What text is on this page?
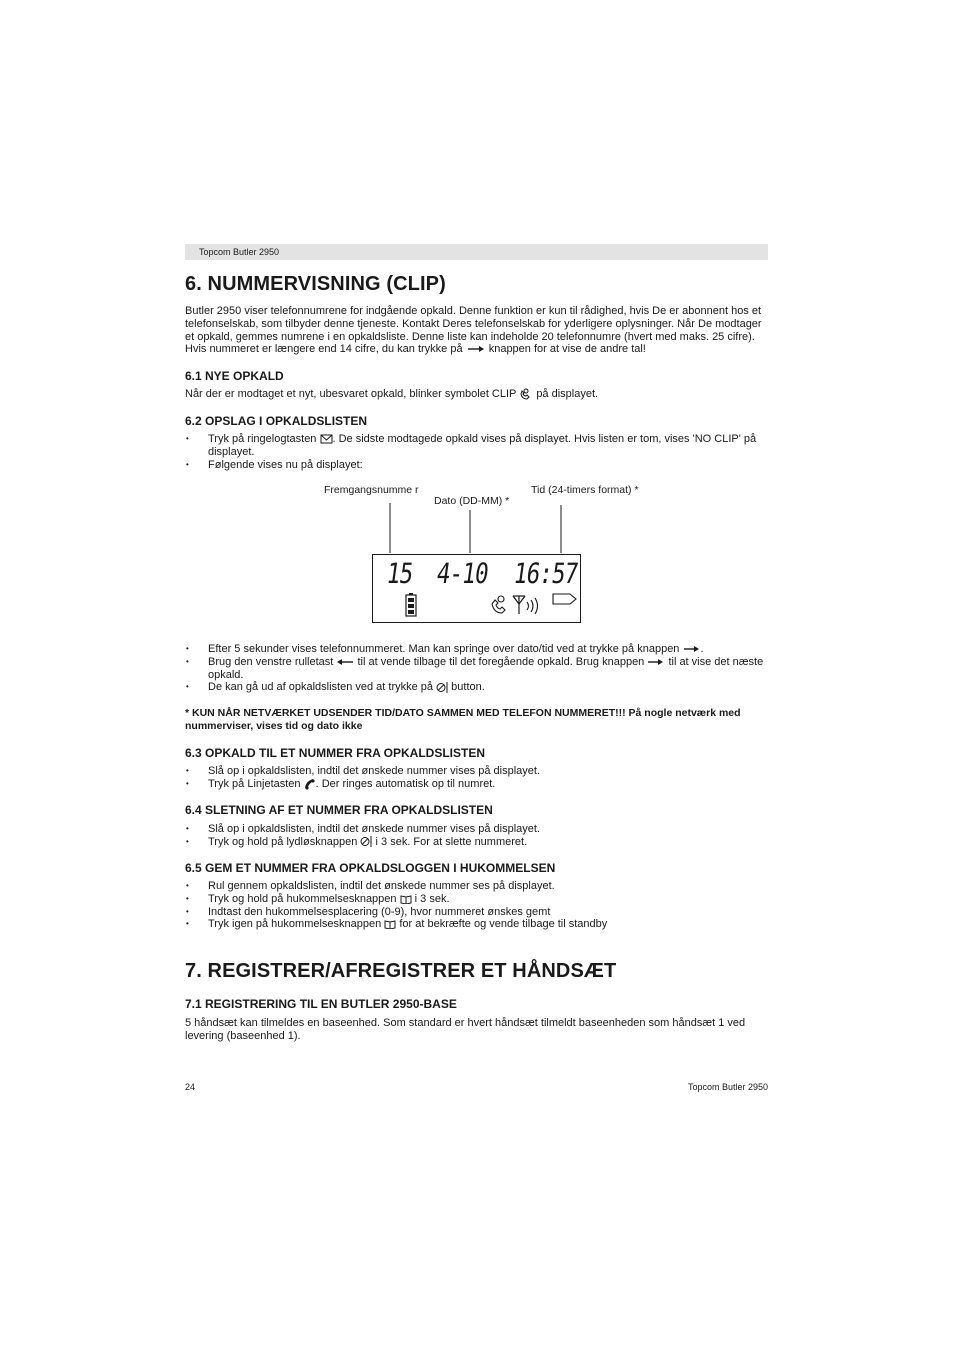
Topcom Butler 2950
6. NUMMERVISNING (CLIP)

Butler 2950 viser telefonnumrene for indgående opkald. Denne funktion er kun til rådighed, hvis De er abonnent hos et telefonselskab, som tilbyder denne tjeneste. Kontakt Deres telefonselskab for yderligere oplysninger. Når De modtager et opkald, gemmes numrene i en opkaldsliste. Denne liste kan indeholde 20 telefonnumre (hvert med maks. 25 cifre). Hvis nummeret er længere end 14 cifre, du kan trykke på knappen for at vise de andre tal!

6.1 NYE OPKALD

Når der er modtaget et nyt, ubesvaret opkald, blinker symbolet CLIP på displayet.

6.2 OPSLAG I OPKALDSLISTEN
• Tryk på ringelogtasten . De sidste modtagede opkald vises på displayet. Hvis listen er tom, vises 'NO CLIP' på displayet.
• Følgende vises nu på displayet:
Fremgangsnumme r
Dato (DD-MM) *
Tid (24-timers format) *
15 4-10 16:57
• Efter 5 sekunder vises telefonnummeret. Man kan springe over dato/tid ved at trykke på knappen .
• Brug den venstre rulletast til at vende tilbage til det foregående opkald. Brug knappen til at vise det næste opkald.
• De kan gå ud af opkaldslisten ved at trykke på button.

* KUN NÅR NETVÆRKET UDSENDER TID/DATO SAMMEN MED TELEFON NUMMERET!!! På nogle netværk med nummerviser, vises tid og dato ikke

6.3 OPKALD TIL ET NUMMER FRA OPKALDSLISTEN
• Slå op i opkaldslisten, indtil det ønskede nummer vises på displayet.
• Tryk på Linjetasten . Der ringes automatisk op til numret.
6.4 SLETNING AF ET NUMMER FRA OPKALDSLISTEN
• Slå op i opkaldslisten, indtil det ønskede nummer vises på displayet.
• Tryk og hold på lydløsknappen i 3 sek. For at slette nummeret.
6.5 GEM ET NUMMER FRA OPKALDSLOGGEN I HUKOMMELSEN
• Rul gennem opkaldslisten, indtil det ønskede nummer ses på displayet.
• Tryk og hold på hukommelsesknappen i 3 sek.
• Indtast den hukommelsesplacering (0-9), hvor nummeret ønskes gemt
• Tryk igen på hukommelsesknappen for at bekræfte og vende tilbage til standby
7. REGISTRER/AFREGISTRER ET HÅNDSÆT
7.1 REGISTRERING TIL EN BUTLER 2950-BASE

5 håndsæt kan tilmeldes en baseenhed. Som standard er hvert håndsæt tilmeldt baseenheden som håndsæt 1 ved levering (baseenhed 1).

24	Topcom Butler 2950
